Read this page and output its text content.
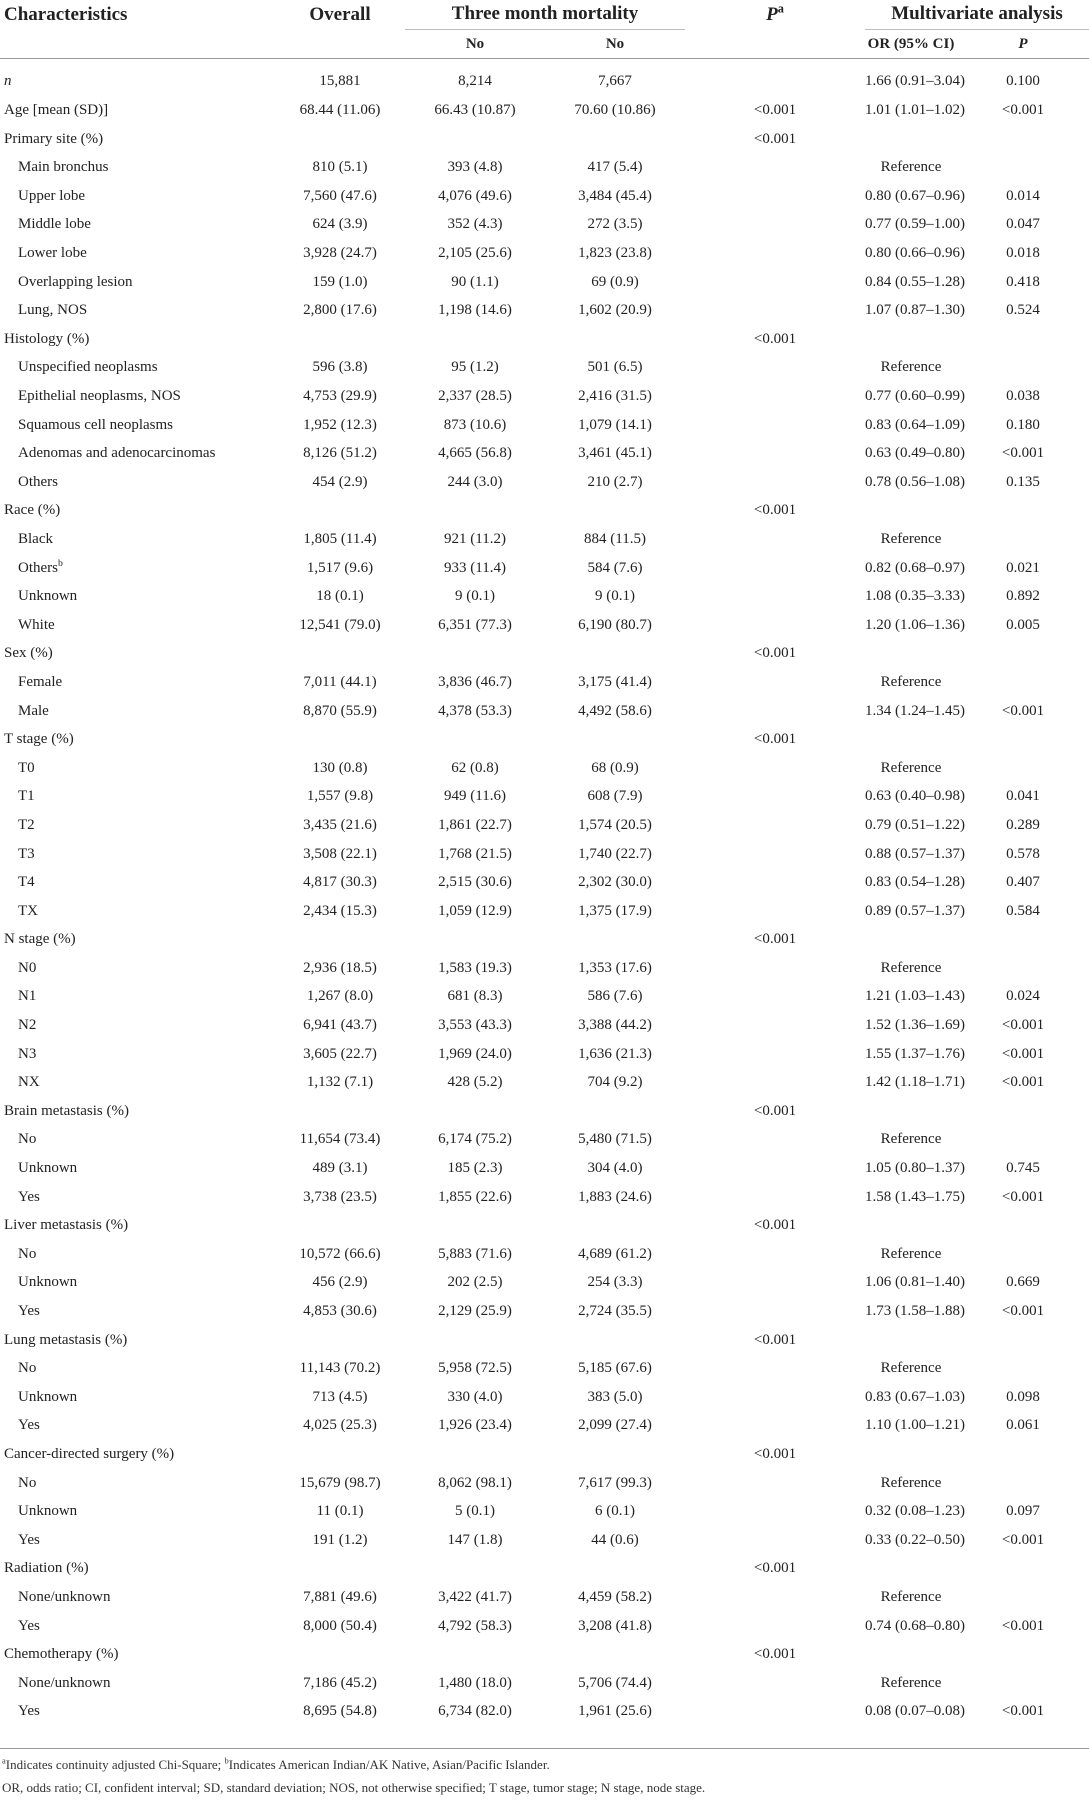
Characteristics	Overall	Three month mortality		$P^a$	Multivariate analysis	
		No	No		OR (95% CI)	P

n	15,881	8,214	7,667		1.66 (0.91–3.04)	0.100
Age [mean (SD)]	68.44 (11.06)	66.43 (10.87)	70.60 (10.86)	<0.001	1.01 (1.01–1.02)	<0.001
Primary site (%)				<0.001		
Main bronchus	810 (5.1)	393 (4.8)	417 (5.4)		Reference	
Upper lobe	7,560 (47.6)	4,076 (49.6)	3,484 (45.4)		0.80 (0.67–0.96)	0.014
Middle lobe	624 (3.9)	352 (4.3)	272 (3.5)		0.77 (0.59–1.00)	0.047
Lower lobe	3,928 (24.7)	2,105 (25.6)	1,823 (23.8)		0.80 (0.66–0.96)	0.018
Overlapping lesion	159 (1.0)	90 (1.1)	69 (0.9)		0.84 (0.55–1.28)	0.418
Lung, NOS	2,800 (17.6)	1,198 (14.6)	1,602 (20.9)		1.07 (0.87–1.30)	0.524
Histology (%)				<0.001		
Unspecified neoplasms	596 (3.8)	95 (1.2)	501 (6.5)		Reference	
Epithelial neoplasms, NOS	4,753 (29.9)	2,337 (28.5)	2,416 (31.5)		0.77 (0.60–0.99)	0.038
Squamous cell neoplasms	1,952 (12.3)	873 (10.6)	1,079 (14.1)		0.83 (0.64–1.09)	0.180
Adenomas and adenocarcinomas	8,126 (51.2)	4,665 (56.8)	3,461 (45.1)		0.63 (0.49–0.80)	<0.001
Others	454 (2.9)	244 (3.0)	210 (2.7)		0.78 (0.56–1.08)	0.135
Race (%)				<0.001		
Black	1,805 (11.4)	921 (11.2)	884 (11.5)		Reference	
Others$^b$	1,517 (9.6)	933 (11.4)	584 (7.6)		0.82 (0.68–0.97)	0.021
Unknown	18 (0.1)	9 (0.1)	9 (0.1)		1.08 (0.35–3.33)	0.892
White	12,541 (79.0)	6,351 (77.3)	6,190 (80.7)		1.20 (1.06–1.36)	0.005
Sex (%)				<0.001		
Female	7,011 (44.1)	3,836 (46.7)	3,175 (41.4)		Reference	
Male	8,870 (55.9)	4,378 (53.3)	4,492 (58.6)		1.34 (1.24–1.45)	<0.001
T stage (%)				<0.001		
T0	130 (0.8)	62 (0.8)	68 (0.9)		Reference	
T1	1,557 (9.8)	949 (11.6)	608 (7.9)		0.63 (0.40–0.98)	0.041
T2	3,435 (21.6)	1,861 (22.7)	1,574 (20.5)		0.79 (0.51–1.22)	0.289
T3	3,508 (22.1)	1,768 (21.5)	1,740 (22.7)		0.88 (0.57–1.37)	0.578
T4	4,817 (30.3)	2,515 (30.6)	2,302 (30.0)		0.83 (0.54–1.28)	0.407
TX	2,434 (15.3)	1,059 (12.9)	1,375 (17.9)		0.89 (0.57–1.37)	0.584
N stage (%)				<0.001		
N0	2,936 (18.5)	1,583 (19.3)	1,353 (17.6)		Reference	
N1	1,267 (8.0)	681 (8.3)	586 (7.6)		1.21 (1.03–1.43)	0.024
N2	6,941 (43.7)	3,553 (43.3)	3,388 (44.2)		1.52 (1.36–1.69)	<0.001
N3	3,605 (22.7)	1,969 (24.0)	1,636 (21.3)		1.55 (1.37–1.76)	<0.001
NX	1,132 (7.1)	428 (5.2)	704 (9.2)		1.42 (1.18–1.71)	<0.001
Brain metastasis (%)				<0.001		
No	11,654 (73.4)	6,174 (75.2)	5,480 (71.5)		Reference	
Unknown	489 (3.1)	185 (2.3)	304 (4.0)		1.05 (0.80–1.37)	0.745
Yes	3,738 (23.5)	1,855 (22.6)	1,883 (24.6)		1.58 (1.43–1.75)	<0.001
Liver metastasis (%)				<0.001		
No	10,572 (66.6)	5,883 (71.6)	4,689 (61.2)		Reference	
Unknown	456 (2.9)	202 (2.5)	254 (3.3)		1.06 (0.81–1.40)	0.669
Yes	4,853 (30.6)	2,129 (25.9)	2,724 (35.5)		1.73 (1.58–1.88)	<0.001
Lung metastasis (%)				<0.001		
No	11,143 (70.2)	5,958 (72.5)	5,185 (67.6)		Reference	
Unknown	713 (4.5)	330 (4.0)	383 (5.0)		0.83 (0.67–1.03)	0.098
Yes	4,025 (25.3)	1,926 (23.4)	2,099 (27.4)		1.10 (1.00–1.21)	0.061
Cancer-directed surgery (%)				<0.001		
No	15,679 (98.7)	8,062 (98.1)	7,617 (99.3)		Reference	
Unknown	11 (0.1)	5 (0.1)	6 (0.1)		0.32 (0.08–1.23)	0.097
Yes	191 (1.2)	147 (1.8)	44 (0.6)		0.33 (0.22–0.50)	<0.001
Radiation (%)				<0.001		
None/unknown	7,881 (49.6)	3,422 (41.7)	4,459 (58.2)		Reference	
Yes	8,000 (50.4)	4,792 (58.3)	3,208 (41.8)		0.74 (0.68–0.80)	<0.001
Chemotherapy (%)				<0.001		
None/unknown	7,186 (45.2)	1,480 (18.0)	5,706 (74.4)		Reference	
Yes	8,695 (54.8)	6,734 (82.0)	1,961 (25.6)		0.08 (0.07–0.08)	<0.001
$^a$Indicates continuity adjusted Chi-Square; $^b$Indicates American Indian/AK Native, Asian/Pacific Islander.
OR, odds ratio; CI, confident interval; SD, standard deviation; NOS, not otherwise specified; T stage, tumor stage; N stage, node stage.
